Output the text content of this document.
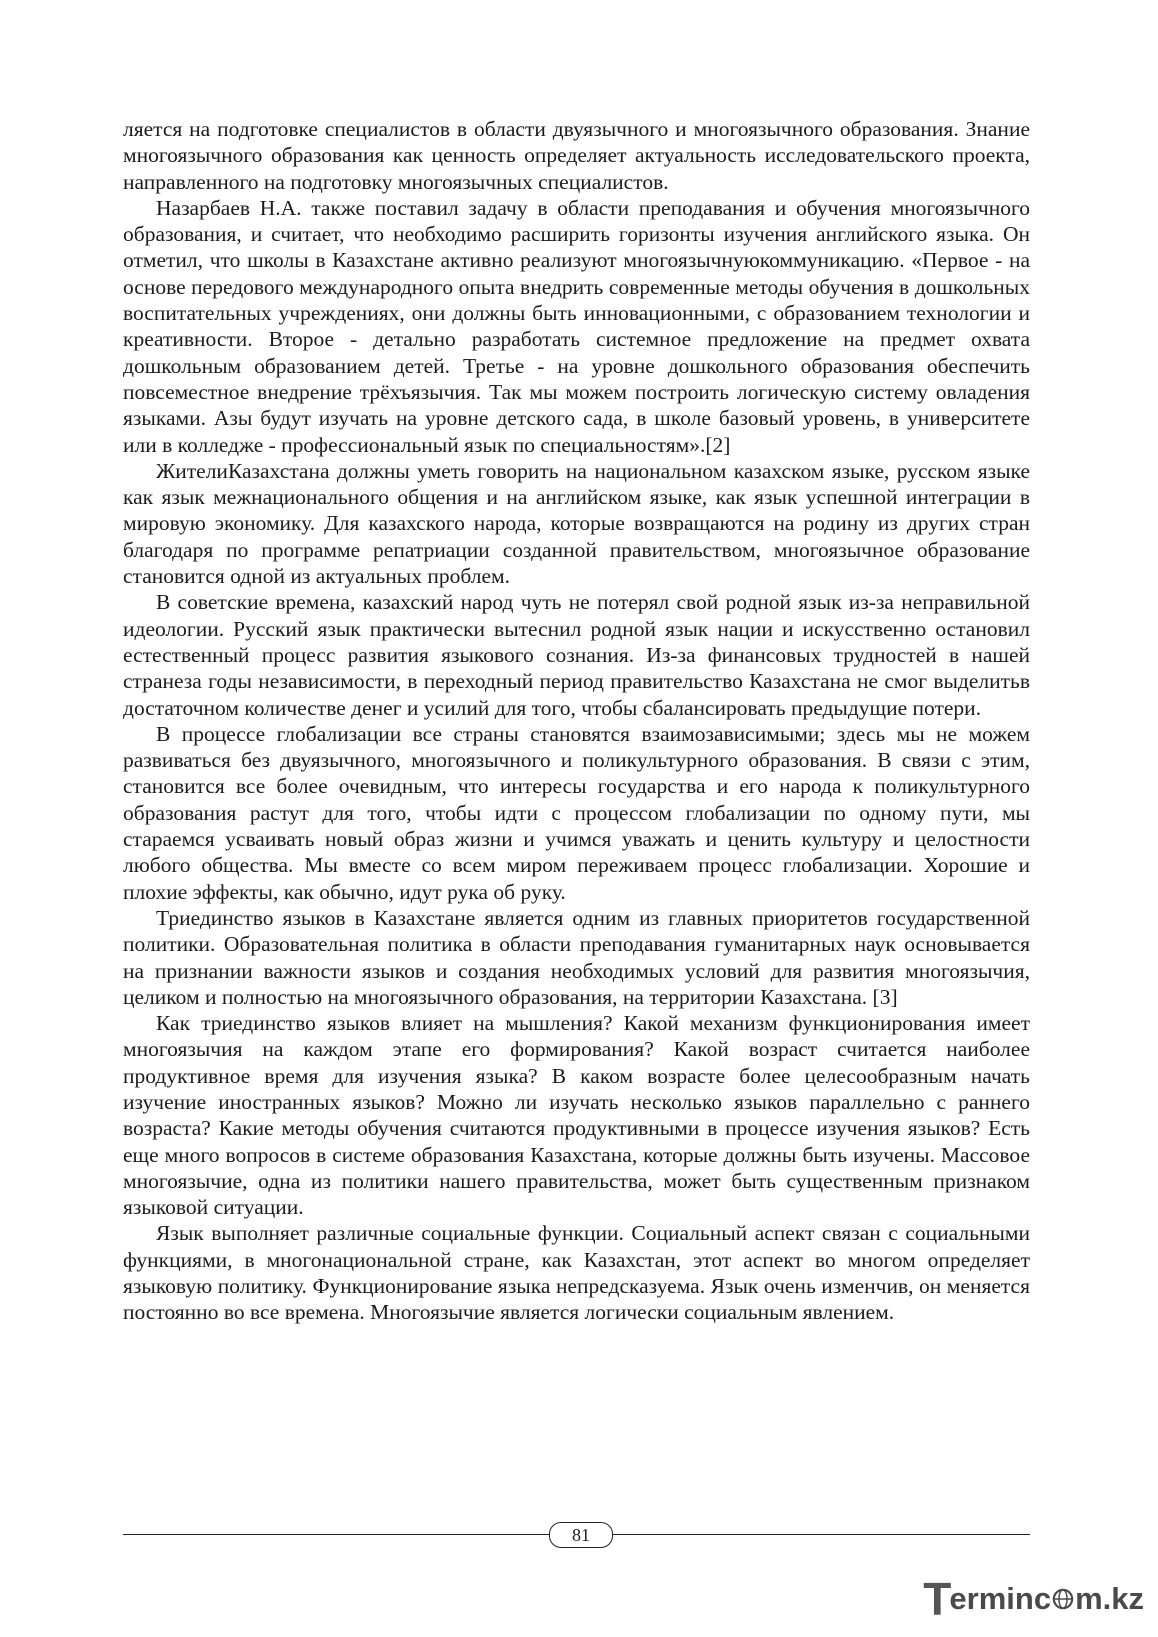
ляется на подготовке специалистов в области двуязычного и многоязычного образования. Знание многоязычного образования как ценность определяет актуальность исследовательского проекта, направленного на подготовку многоязычных специалистов.

Назарбаев Н.А. также поставил задачу в области преподавания и обучения многоязычного образования, и считает, что необходимо расширить горизонты изучения английского языка. Он отметил, что школы в Казахстане активно реализуют многоязычнуюкоммуникацию. «Первое - на основе передового международного опыта внедрить современные методы обучения в дошкольных воспитательных учреждениях, они должны быть инновационными, с образованием технологии и креативности. Второе - детально разработать системное предложение на предмет охвата дошкольным образованием детей. Третье - на уровне дошкольного образования обеспечить повсеместное внедрение трёхъязычия. Так мы можем построить логическую систему овладения языками. Азы будут изучать на уровне детского сада, в школе базовый уровень, в университете или в колледже - профессиональный язык по специальностям».[2]

ЖителиКазахстана должны уметь говорить на национальном казахском языке, русском языке как язык межнационального общения и на английском языке, как язык успешной интеграции в мировую экономику. Для казахского народа, которые возвращаются на родину из других стран благодаря по программе репатриации созданной правительством, многоязычное образование становится одной из актуальных проблем.

В советские времена, казахский народ чуть не потерял свой родной язык из-за неправильной идеологии. Русский язык практически вытеснил родной язык нации и искусственно остановил естественный процесс развития языкового сознания. Из-за финансовых трудностей в нашей странеза годы независимости, в переходный период правительство Казахстана не смог выделитьв достаточном количестве денег и усилий для того, чтобы сбалансировать предыдущие потери.

В процессе глобализации все страны становятся взаимозависимыми; здесь мы не можем развиваться без двуязычного, многоязычного и поликультурного образования. В связи с этим, становится все более очевидным, что интересы государства и его народа к поликультурного образования растут для того, чтобы идти с процессом глобализации по одному пути, мы стараемся усваивать новый образ жизни и учимся уважать и ценить культуру и целостности любого общества. Мы вместе со всем миром переживаем процесс глобализации. Хорошие и плохие эффекты, как обычно, идут рука об руку.

Триединство языков в Казахстане является одним из главных приоритетов государственной политики. Образовательная политика в области преподавания гуманитарных наук основывается на признании важности языков и создания необходимых условий для развития многоязычия, целиком и полностью на многоязычного образования, на территории Казахстана. [3]

Как триединство языков влияет на мышления? Какой механизм функционирования имеет многоязычия на каждом этапе его формирования? Какой возраст считается наиболее продуктивное время для изучения языка? В каком возрасте более целесообразным начать изучение иностранных языков? Можно ли изучать несколько языков параллельно с раннего возраста? Какие методы обучения считаются продуктивными в процессе изучения языков? Есть еще много вопросов в системе образования Казахстана, которые должны быть изучены. Массовое многоязычие, одна из политики нашего правительства, может быть существенным признаком языковой ситуации.

Язык выполняет различные социальные функции. Социальный аспект связан с социальными функциями, в многонациональной стране, как Казахстан, этот аспект во многом определяет языковую политику. Функционирование языка непредсказуема. Язык очень изменчив, он меняется постоянно во все времена. Многоязычие является логически социальным явлением.

81
T
erminc m.kz
